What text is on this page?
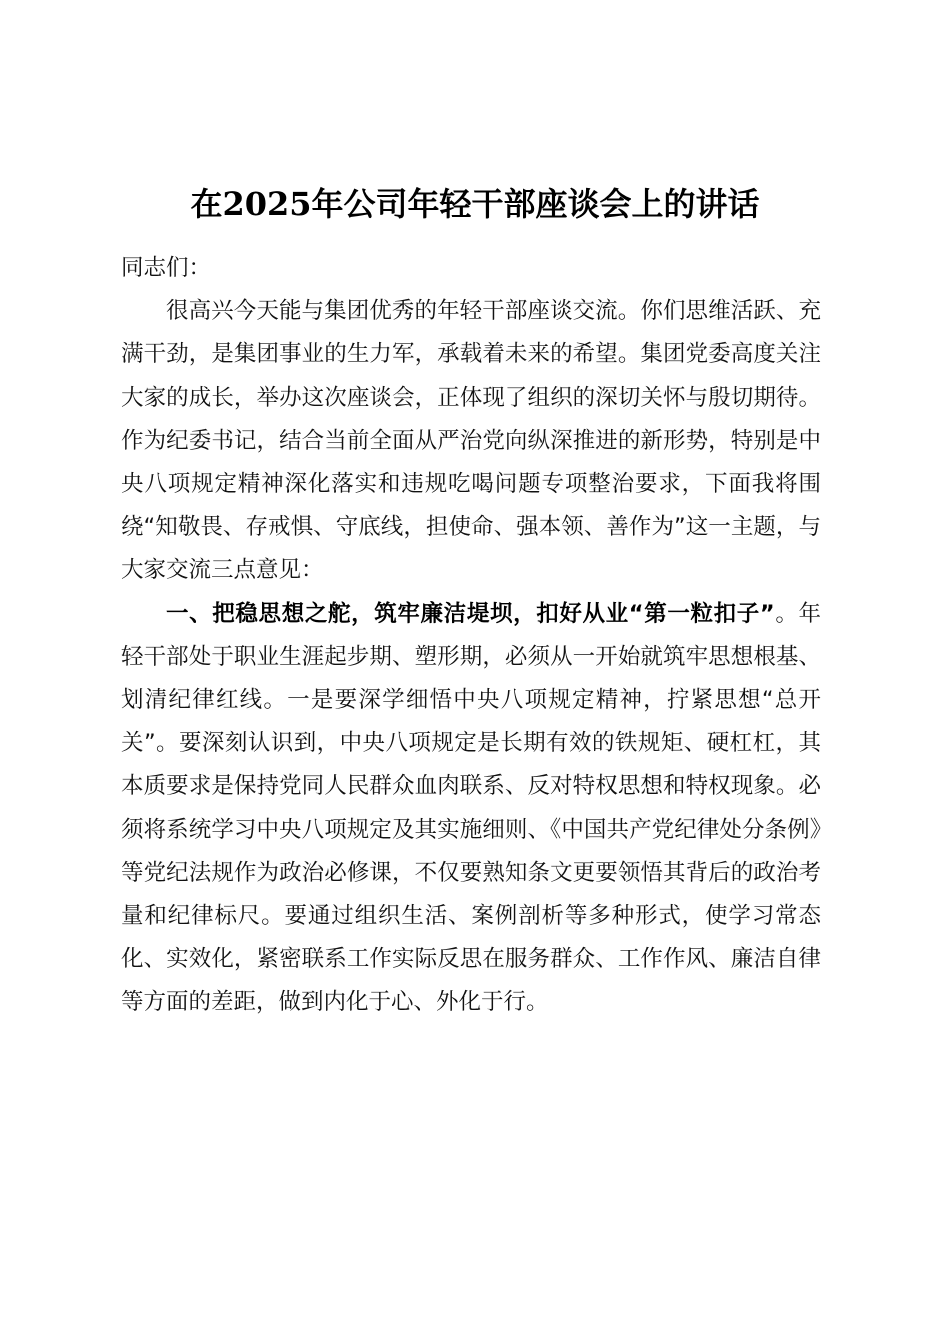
在2025年公司年轻干部座谈会上的讲话

同志们：

很高兴今天能与集团优秀的年轻干部座谈交流。你们思维活跃、充满干劲，是集团事业的生力军，承载着未来的希望。集团党委高度关注大家的成长，举办这次座谈会，正体现了组织的深切关怀与殷切期待。作为纪委书记，结合当前全面从严治党向纵深推进的新形势，特别是中央八项规定精神深化落实和违规吃喝问题专项整治要求，下面我将围绕“知敬畏、存戒惧、守底线，担使命、强本领、善作为”这一主题，与大家交流三点意见：

一、把稳思想之舵，筑牢廉洁堤坝，扣好从业“第一粒扣子”。年轻干部处于职业生涯起步期、塑形期，必须从一开始就筑牢思想根基、划清纪律红线。一是要深学细悟中央八项规定精神，拧紧思想“总开关”。要深刻认识到，中央八项规定是长期有效的铁规矩、硬杠杠，其本质要求是保持党同人民群众血肉联系、反对特权思想和特权现象。必须将系统学习中央八项规定及其实施细则、《中国共产党纪律处分条例》等党纪法规作为政治必修课，不仅要熟知条文更要领悟其背后的政治考量和纪律标尺。要通过组织生活、案例剖析等多种形式，使学习常态化、实效化，紧密联系工作实际反思在服务群众、工作作风、廉洁自律等方面的差距，做到内化于心、外化于行。
